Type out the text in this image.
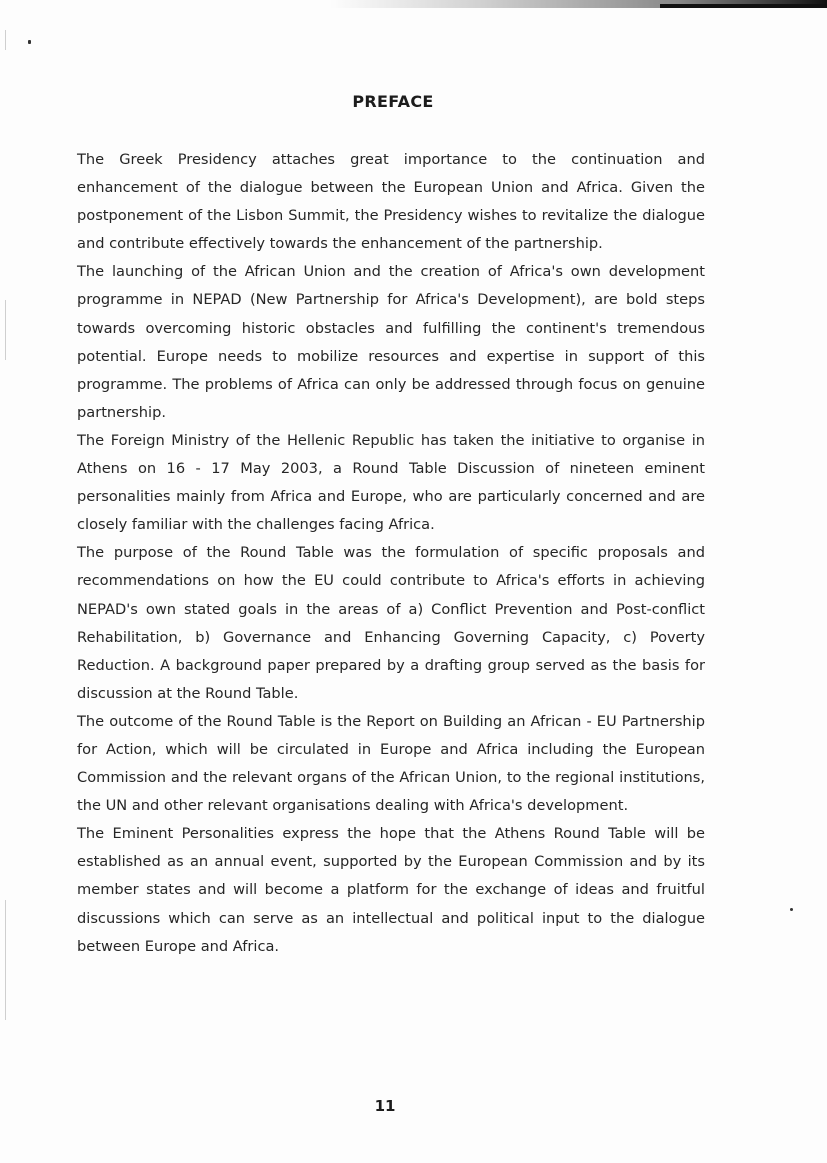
PREFACE

The Greek Presidency attaches great importance to the continuation and enhancement of the dialogue between the European Union and Africa. Given the postponement of the Lisbon Summit, the Presidency wishes to revitalize the dialogue and contribute effectively towards the enhancement of the partnership.

The launching of the African Union and the creation of Africa's own development programme in NEPAD (New Partnership for Africa's Development), are bold steps towards overcoming historic obstacles and fulfilling the continent's tremendous potential. Europe needs to mobilize resources and expertise in support of this programme. The problems of Africa can only be addressed through focus on genuine partnership.

The Foreign Ministry of the Hellenic Republic has taken the initiative to organise in Athens on 16 - 17 May 2003, a Round Table Discussion of nineteen eminent personalities mainly from Africa and Europe, who are particularly concerned and are closely familiar with the challenges facing Africa.

The purpose of the Round Table was the formulation of specific proposals and recommendations on how the EU could contribute to Africa's efforts in achieving NEPAD's own stated goals in the areas of a) Conflict Prevention and Post-conflict Rehabilitation, b) Governance and Enhancing Governing Capacity, c) Poverty Reduction. A background paper prepared by a drafting group served as the basis for discussion at the Round Table.

The outcome of the Round Table is the Report on Building an African - EU Partnership for Action, which will be circulated in Europe and Africa including the European Commission and the relevant organs of the African Union, to the regional institutions, the UN and other relevant organisations dealing with Africa's development.

The Eminent Personalities express the hope that the Athens Round Table will be established as an annual event, supported by the European Commission and by its member states and will become a platform for the exchange of ideas and fruitful discussions which can serve as an intellectual and political input to the dialogue between Europe and Africa.

11
